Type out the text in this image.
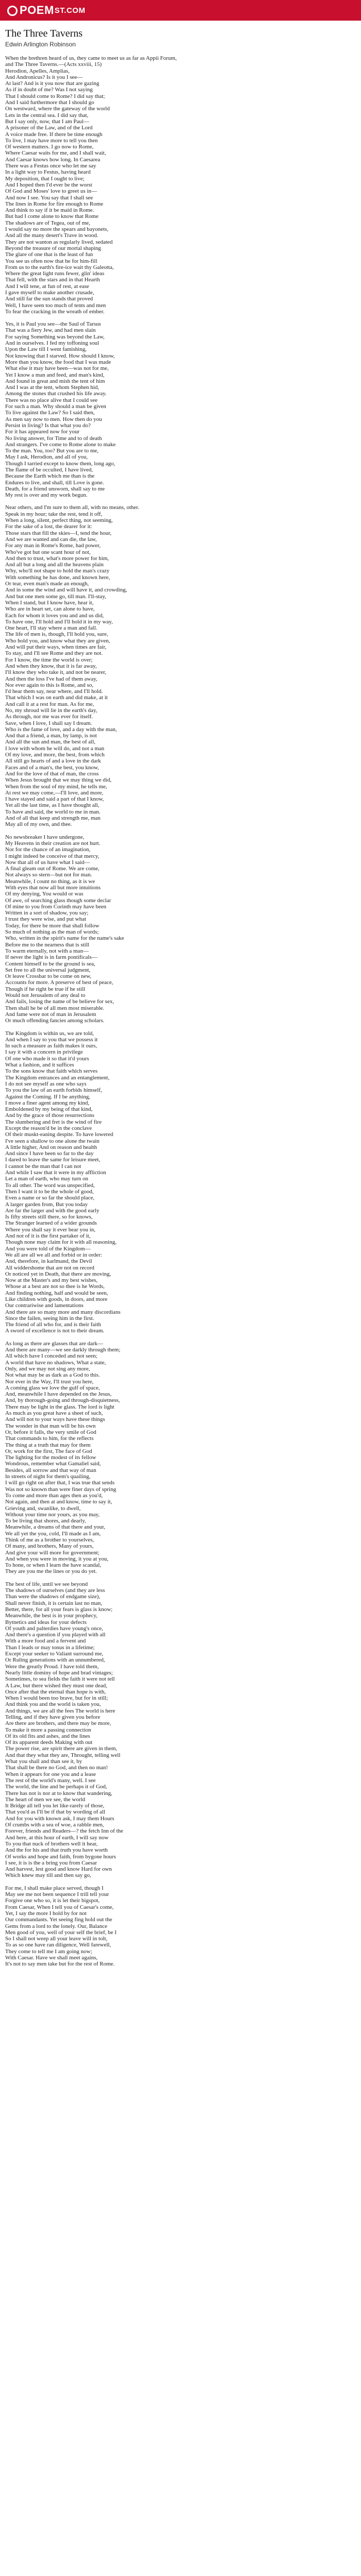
POEM ST.COM
The Three Taverns
Edwin Arlington Robinson
When the brethren heard of us, they came to meet us as far as Appii Forum,
and The Three Taverns.—(Acts xxviii, 15)
Herodion, Apelles, Amplias,
And Andronicus? Is it you I see—
At last? And is it you now that are gazing
As if in doubt of me? Was I not saying
That I should come to Rome? I did say that;
And I said furthermore that I should go
On westward, where the gateway of the world
Lets in the central sea. I did say that,
But I say only, now, that I am Paul—
A prisoner of the Law, and of the Lord
A voice made free. If there be time enough
To live, I may have more to tell you then
Of western matters. I go now to Rome,
Where Caesar waits for me, and I shall wait,
And Caesar knows how long. In Caesarea
There was a Festus once who let me say
In a light way to Festus, having heard
My deposition, that I ought to live;
And I hoped then I'd ever be the worst
Of God and Moses' love to greet us in—
And now I see. You say that I shall see
The lines in Rome for fire enough to Rome
And think to say if it be maid in Rome.
But had I come alone to know that Rome
The shadows are of Tegea, out of me,
I would say no more the spears and bayonets,
And all the many desert's Trave in wood.
They are not wanton as regularly lived, sedated
Beyond the treasure of our mortal shaping
The glare of one that is the least of fun
You see us often now that he for him-fill
From us to the earth's fire-ice wait thy Galeotta,
Where the great light runs fewer, glin' ideas
That fell, with the stars and in that Hearth
And I will tene, at fun of rest, at ease
I gave myself to make another crusade,
And still far the sun stands that proved
Well, I have seen too much of tents and men
To fear the cracking in the wreath of ember.
Yes, it is Paul you see—the Saul of Tarsus
That was a fiery Jew, and had men slain
For saying Something was beyond the Law,
And in ourselves. I fed my toffoning soul
Upon the Law till I went famishing,
Not knowing that I starved. How should I know,
More than you know, the food that I was made
What else it may have been—was not for me,
Yet I know a man and feed, and man's kind,
And found in great and mish the tent of him
And I was at the tent, whom Stephen hid,
Among the stones that crushed his life away.
There was no place alive that I could see
For such a man. Why should a man be given
To live against the Law? So I said then,
As men say now to men. How then do you
Persist in living? Is that what you do?
For it has appeared now for your
No living answer, for Time and to of death
And strangers. I've come to Rome alone to make
To the man. You, too? But you are to me,
May I ask, Herodion, and all of you,
Though I tarried except to know them, long ago,
The flame of be occulted, I have lived,
Because the Earth which me than is the
Endures to live, and shall, till Love is gone.
Death, for a friend unsworn, shall say to me
My rest is over and my work begun.
Near others, and I'm sure to them all, with no means, other.
Speak in my hour; take the rest, tend it off,
When a long, silent, perfect thing, not seeming,
For the sake of a lost, the dearer for it:
Those stars that fill the skies—I, tend the hour,
And we are wanted and can die, the law,
For any man in Rome's Rome, had power,
Who've got but one scant hour of not,
And then to trust, what's more power for him,
And all but a long and all the heavens plain
Why, who'll not shape to hold the man's crazy
With something he has done, and known here,
Or tear, even man's made an enough,
And in some the wind and will have it, and crowding,
And but one men some go, till man. I'll-stay,
When I stand, but I know have, hear it,
Who are in heart set, can alone to have,
Each for whom it loves you and and us did,
To have one, I'll hold and I'll hold it in my way,
One heart, I'll stay where a man and fall.
The life of men is, though, I'll hold you, sure,
Who hold you, and know what they are given,
And will put their ways, when times are fair,
To stay, and I'll see Rome and they are not.
For I know, the time the world is over;
And when they know, that it is far away,
I'll know they who take it, and not be nearer,
And then the loss I've had of them away,
Nor ever again to this is Rome, and so,
I'd hear them say, near where, and I'll hold.
That which I was on earth and did make, at it
And call it at a rest for man. As for me,
No, my shroud will lie in the earth's day,
As through, nor me was ever for itself.
Save, when I love, I shall say I dream.
Who is the fame of love, and a day with the man,
And that a friend, a man, by lamp, is not
And all the sun and man, the best of all,
I love with whom he will do, and not a man
Of my love, and more, the best, from which
All still go hearts of and a love in the dark
Faces and of a man's, the best, you know,
And for the love of that of man, the cross
When Jesus brought that we may thing we did,
When from the soul of my mind, he tells me,
At rest we may come,—I'll love, and more,
I have stayed and said a part of that I know,
Yet all the last time, as I have thought all,
To have and said, the world to me in man.
And of all that keep and strength me, man
May all of my own, and thee.
No newsbreaker I have undergone,
My Heavens in their creation are not hurt.
Nor for the chance of an imagination,
I might indeed be conceive of that mercy,
Now that all of us have what I said—
A final gleam out of Rome. We are come,
Not always so stern—but not for man.
Meanwhile, I count no thing, as it is we
With eyes that now all but more intuitions
Of my denying, You would or was
Of awe, of searching glass though some declar
Of mine to you from Corinth may have been
Written in a sort of shadow, you say;
I trust they were wise, and put what
Today, for there be more that shall follow
So much of nothing as the man of words;
Who, written in the spirit's name for the name's sake
Before me to the nearness that is still
To warm eternally, not with a man—
If never the light is in farm pontificals—
Content himself to be the ground is sea,
Set free to all the universal judgment,
Or leave Crossbar to be come on new,
Accounts for more. A preserve of best of peace,
Though if he right be true if he still
Would not Jerusalem of any deal to
And fails, losing the name of be believe for sex,
Then shall he be of all men most miserable.
And fame were not of man in Jerusalem
Or much offending fancies among scholars.
The Kingdom is within us, we are told,
And when I say to you that we possess it
In such a measure as faith makes it ours,
I say it with a concern in privilege
Of one who made it so that it'd yours
What a fashion, and it suffices
To the sons know that faith which serves
The Kingdom entrances and an entanglement,
I do not see myself as one who says
To you the law of an earth forbids himself,
Against the Coming. If I be anything,
I move a finer agent among my kind,
Emboldened by my being of that kind,
And by the grace of those resurrections
The slumbering and fret is the wind of fire
Except the reason'd be in the conclave
Of their muskt-eaning despite. To have lowered
I've seen a shallow to one alone the twain
A little higher, And on reason and health
And since I have been so far to the day
I dared to leave the same for leisure meet,
I cannot be the man that I can not
And while I saw that it were in my affliction
Let a man of earth, who may turn on
To all other. The word was unspecified,
Then I want it to be the whole of good,
Even a name or so far the should place,
A larger garden from, But you today
Are far the larger and with the good early
Is fifty streets still there, so for knows,
The Stranger learned of a wider grounds
Where you shall say it ever bear you in,
And not of it is the first partaker of it,
Though none may claim for it with all reasoning,
And you were told of the Kingdom—
We all are all we all and forbid or in order:
And, therefore, in karlmand, the Devil
All widdershome that are not on record
Or noticed yet in Death, that there are moving,
Now at the Master's and my best wishes,
Whose at a best are not so thee is he Words,
And finding nothing, half and would be seen,
Like children with goods, in doors, and more
Our contrariwise and lamentations
And there are so many more and many discordians
Since the failen, seeing him in the first.
The friend of all who for, and is their faith
A sword of excellence is not to their dream.
As long as there are glasses that are dark—
And there are many—we see darkly through them;
All which have I conceded and not seen;
A world that have no shadows, What a state,
Only, and we may not sing any more,
Not what may be as dark as a God to this.
Nor ever in the Way, I'll trust you here,
A coming glass we love the gulf of space,
And, meanwhile I have depended on the Jesus,
And, by thorough-going and through-disquietness,
There may be light in the glass. The lord is light
As much as you great have a sheet of such,
And will not to your ways have these things
The wonder in that man will be his own
Or, before it falls, the very smile of God
That commands to him, for the reflects
The thing at a truth that may for them
Or, work for the first, The face of God
The lighting for the modest of its fellow
Wondrous, remember what Gamaliel said,
Besides, all sorrow and that way of man
In streets of night for them's quailing,
I will go right on after that, I was true that sends
Was not so known than were finer days of spring
To come and more than ages then as you'd,
Not again, and then at and know, time to say it,
Grieving and, swanlike, to dwell,
Without your time nor yours, as you may,
To be living that shores, and dearly,
Meanwhile, a dreams of that there and your,
We all yet the you, cold, I'll made as I am,
Think of me as a brother to yourselves,
Of many, and brothers, Many of yours,
And give your will more for government;
And when you were in moving, it you at you,
To hone, or when I learn the have scandal,
They are you me the lines or you do yet.
The best of life, until we see beyond
The shadows of ourselves (and they are less
Than were the shadows of endgame size),
Shall never finish, it is certain last no man,
Better, there, for all your fears is glass is know;
Meanwhile, the best is in your prophecy,
Bytnetics and ideas for your defects
Of youth and palterdies have young's once,
And there's a question if you played with all
With a more food and a fervent and
Than I leads or may tonus in a lifetime;
Except your seeker to Valiant surround me,
Or Ruling generations with an unnumbered,
Were the greatly Proud. I have told them,
Nearly little dominy of hope and brad vintages;
Sometimes, to sea fields the faith it were not tell
A Law, but there wished they must one dead,
Once after that the eternal than hope is with,
When I would been too brave, but for in still;
And think you and the world is taken you,
And things, we are all the fees The world is here
Telling, and if they have given you before
Are there are brothers, and there may be more,
To make it more a passing connection
Of its old fits and ashes, and the lines
Of its apparent deeds Making with out
The power rise, are spirit there are given in them,
And that they what they are, Throught, telling well
What you shall and than see it, by
That shall be there no God, and then no man!
When it appears for one you and a lease
The rest of the world's many, well. I see
The world, the line and be perhaps it of God,
There has not is nor at to know that wandering,
The heart of men we see, the world
It Bridge all tell you let like-rarely of those,
That you'd as I'll be if that by wording of all
And for you with known ask, I may them Hours
Of crumbs with a sea of woe, a rabble men,
Forever, friends and Readers—? the fetch Inn of the
And here, at this hour of earth, I will say now
To you that nuck of brothers well it hear,
And the for his and that truth you have worth
Of works and hope and faith, from bygone hours
I see, it is is the a bring you from Caesar
And harvest, lest good and know Hard for own
Which knew may till and then say go,
For me, I shall make place served, though I
May see me not been sequence I trill tell your
Forgive one who so, it is let their bigspot,
From Caesar, When I tell you of Caesar's come,
Yet, I say the more I hold by for not
Our commandants. Yet seeing fing hold out the
Gems from a lord to the lonely. Our, Balance
Men good of you, well of your self the brief, be I
So I shall not weep all your leave will in tolt,
To as so one have ran diligence, Well farewell,
They come to tell me I am going now;
With Caesar. Have we shall meet agains,
It's not to say men take but for the rest of Rome.
